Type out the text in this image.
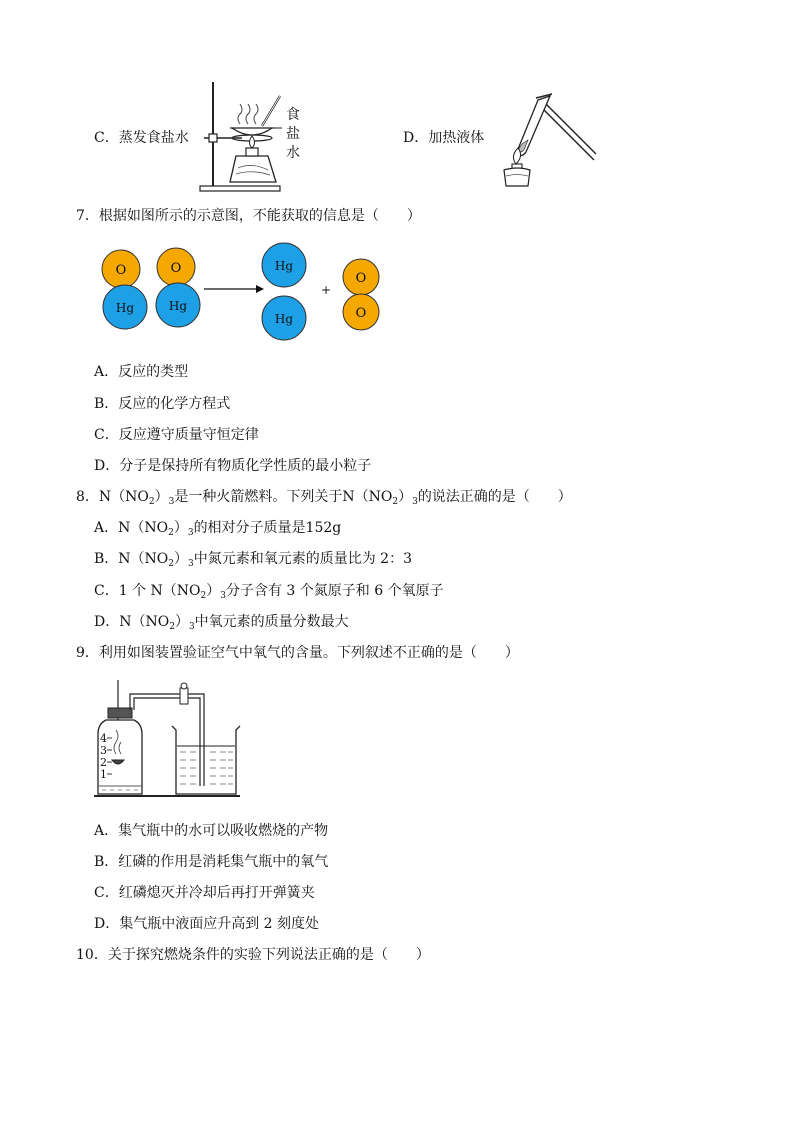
C．蒸发食盐水
食
盐
水
D．加热液体
7．根据如图所示的示意图，不能获取的信息是（　　）
O
Hg
O
Hg
Hg
Hg
+
O
O
A．反应的类型
B．反应的化学方程式
C．反应遵守质量守恒定律
D．分子是保持所有物质化学性质的最小粒子
8．$N(NO_2)_3$是一种火箭燃料。下列关于$N(NO_2)_3$的说法正确的是（　　）
A．$N(NO_2)_3$的相对分子质量是152g
B．$N(NO_2)_3$中氮元素和氧元素的质量比为 2：3
C．1 个 $N(NO_2)_3$分子含有 3 个氮原子和 6 个氧原子
D．$N(NO_2)_3$中氧元素的质量分数最大
9．利用如图装置验证空气中氧气的含量。下列叙述不正确的是（　　）
4
3
2
1
A．集气瓶中的水可以吸收燃烧的产物
B．红磷的作用是消耗集气瓶中的氧气
C．红磷熄灭并冷却后再打开弹簧夹
D．集气瓶中液面应升高到 2 刻度处
10．关于探究燃烧条件的实验下列说法正确的是（　　）
